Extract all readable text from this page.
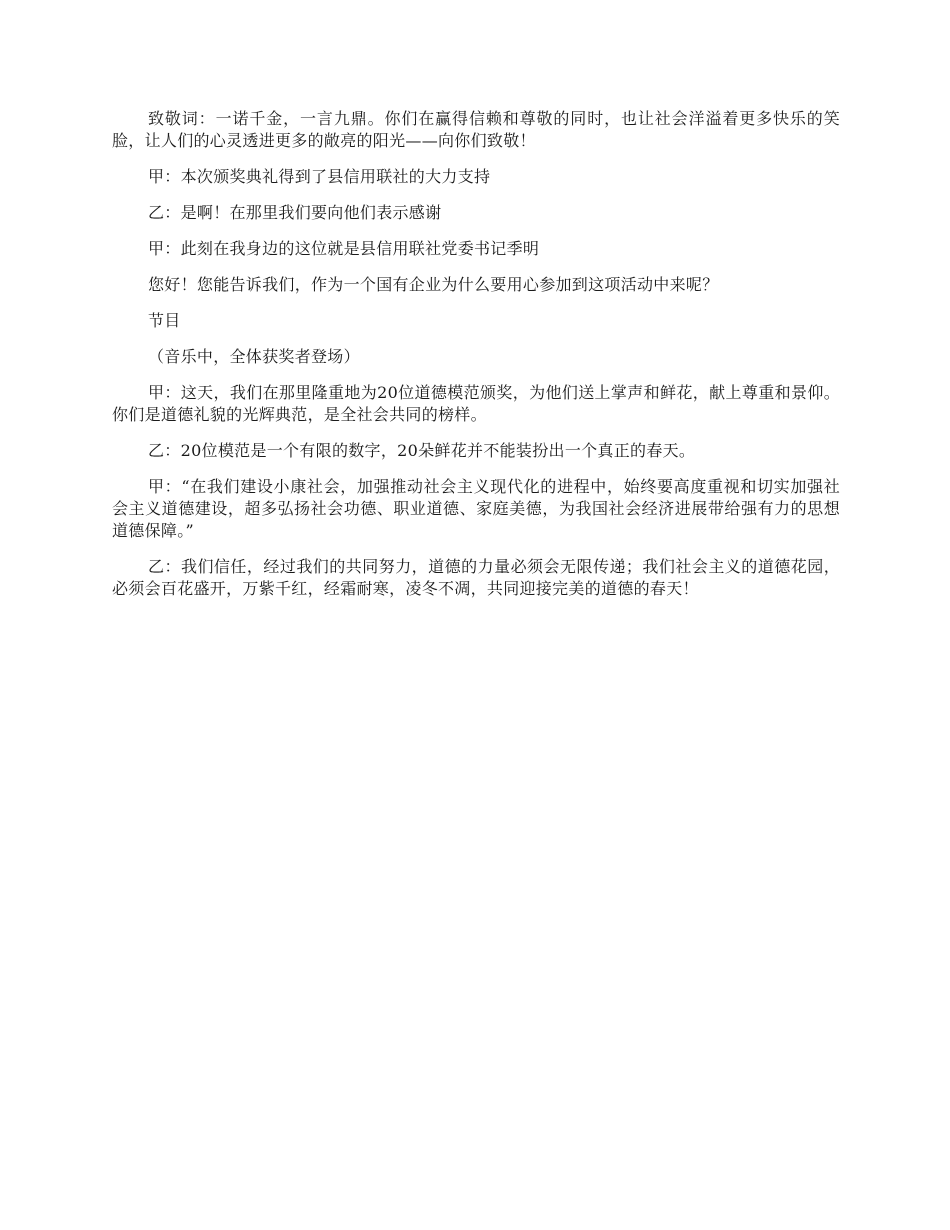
致敬词：一诺千金，一言九鼎。你们在赢得信赖和尊敬的同时，也让社会洋溢着更多快乐的笑脸，让人们的心灵透进更多的敞亮的阳光——向你们致敬！

甲：本次颁奖典礼得到了县信用联社的大力支持

乙：是啊！在那里我们要向他们表示感谢

甲：此刻在我身边的这位就是县信用联社党委书记季明

您好！您能告诉我们，作为一个国有企业为什么要用心参加到这项活动中来呢？

节目

（音乐中，全体获奖者登场）

甲：这天，我们在那里隆重地为20位道德模范颁奖，为他们送上掌声和鲜花，献上尊重和景仰。你们是道德礼貌的光辉典范，是全社会共同的榜样。

乙：20位模范是一个有限的数字，20朵鲜花并不能装扮出一个真正的春天。

甲：“在我们建设小康社会，加强推动社会主义现代化的进程中，始终要高度重视和切实加强社会主义道德建设，超多弘扬社会功德、职业道德、家庭美德，为我国社会经济进展带给强有力的思想道德保障。”

乙：我们信任，经过我们的共同努力，道德的力量必须会无限传递；我们社会主义的道德花园，必须会百花盛开，万紫千红，经霜耐寒，凌冬不凋，共同迎接完美的道德的春天！
